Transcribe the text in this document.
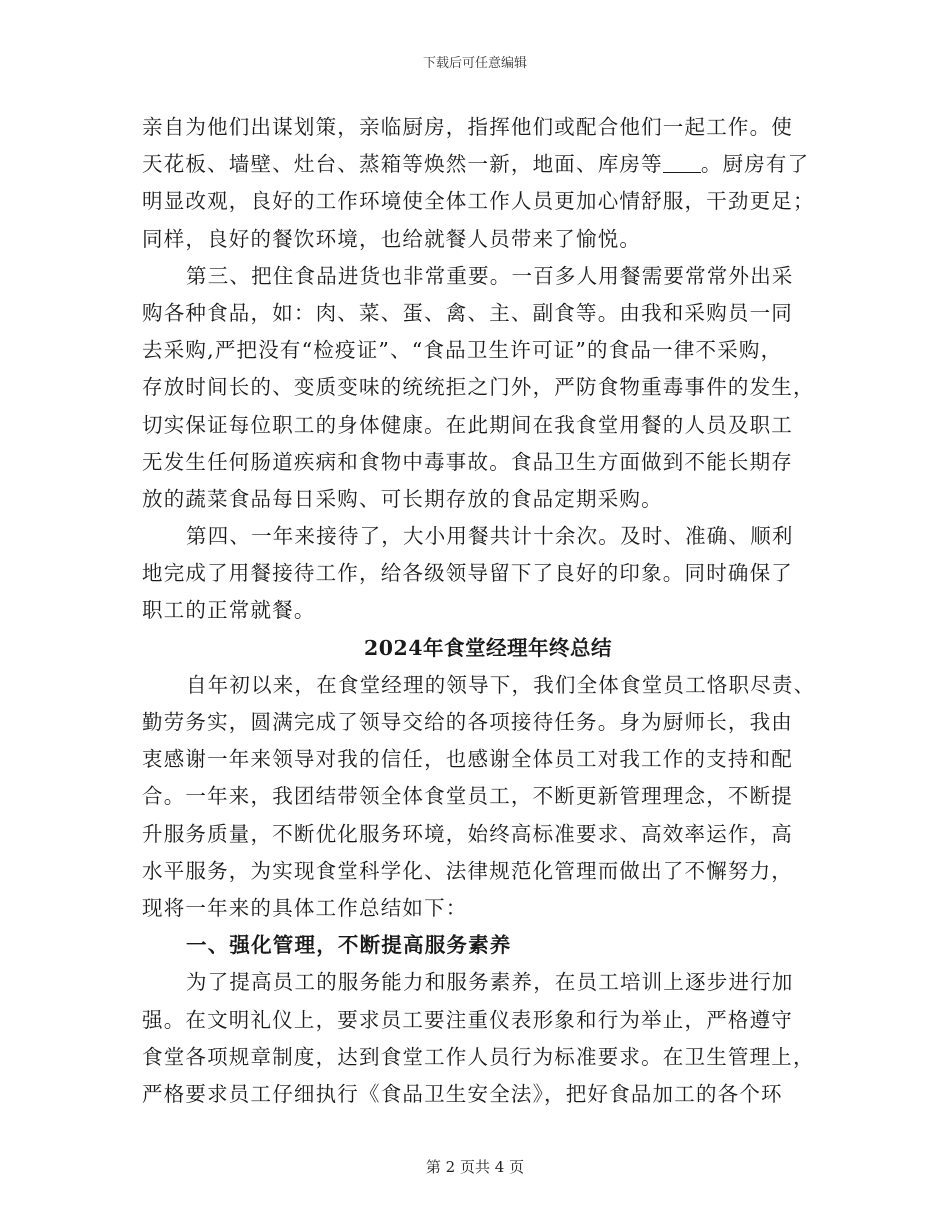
下载后可任意编辑
亲自为他们出谋划策，亲临厨房，指挥他们或配合他们一起工作。使
天花板、墙壁、灶台、蒸箱等焕然一新，地面、库房等 。厨房有了
明显改观，良好的工作环境使全体工作人员更加心情舒服，干劲更足；
同样，良好的餐饮环境，也给就餐人员带来了愉悦。
第三、把住食品进货也非常重要。一百多人用餐需要常常外出采
购各种食品，如：肉、菜、蛋、禽、主、副食等。由我和采购员一同
去采购,严把没有“检疫证”、“食品卫生许可证”的食品一律不采购，
存放时间长的、变质变味的统统拒之门外，严防食物重毒事件的发生，
切实保证每位职工的身体健康。在此期间在我食堂用餐的人员及职工
无发生任何肠道疾病和食物中毒事故。食品卫生方面做到不能长期存
放的蔬菜食品每日采购、可长期存放的食品定期采购。
第四、一年来接待了，大小用餐共计十余次。及时、准确、顺利
地完成了用餐接待工作，给各级领导留下了良好的印象。同时确保了
职工的正常就餐。
2024年食堂经理年终总结
自年初以来，在食堂经理的领导下，我们全体食堂员工恪职尽责、
勤劳务实，圆满完成了领导交给的各项接待任务。身为厨师长，我由
衷感谢一年来领导对我的信任，也感谢全体员工对我工作的支持和配
合。一年来，我团结带领全体食堂员工，不断更新管理理念，不断提
升服务质量，不断优化服务环境，始终高标准要求、高效率运作，高
水平服务，为实现食堂科学化、法律规范化管理而做出了不懈努力，
现将一年来的具体工作总结如下：
一、强化管理，不断提高服务素养
为了提高员工的服务能力和服务素养，在员工培训上逐步进行加
强。在文明礼仪上，要求员工要注重仪表形象和行为举止，严格遵守
食堂各项规章制度，达到食堂工作人员行为标准要求。在卫生管理上，
严格要求员工仔细执行《食品卫生安全法》，把好食品加工的各个环
第 2 页共 4 页
